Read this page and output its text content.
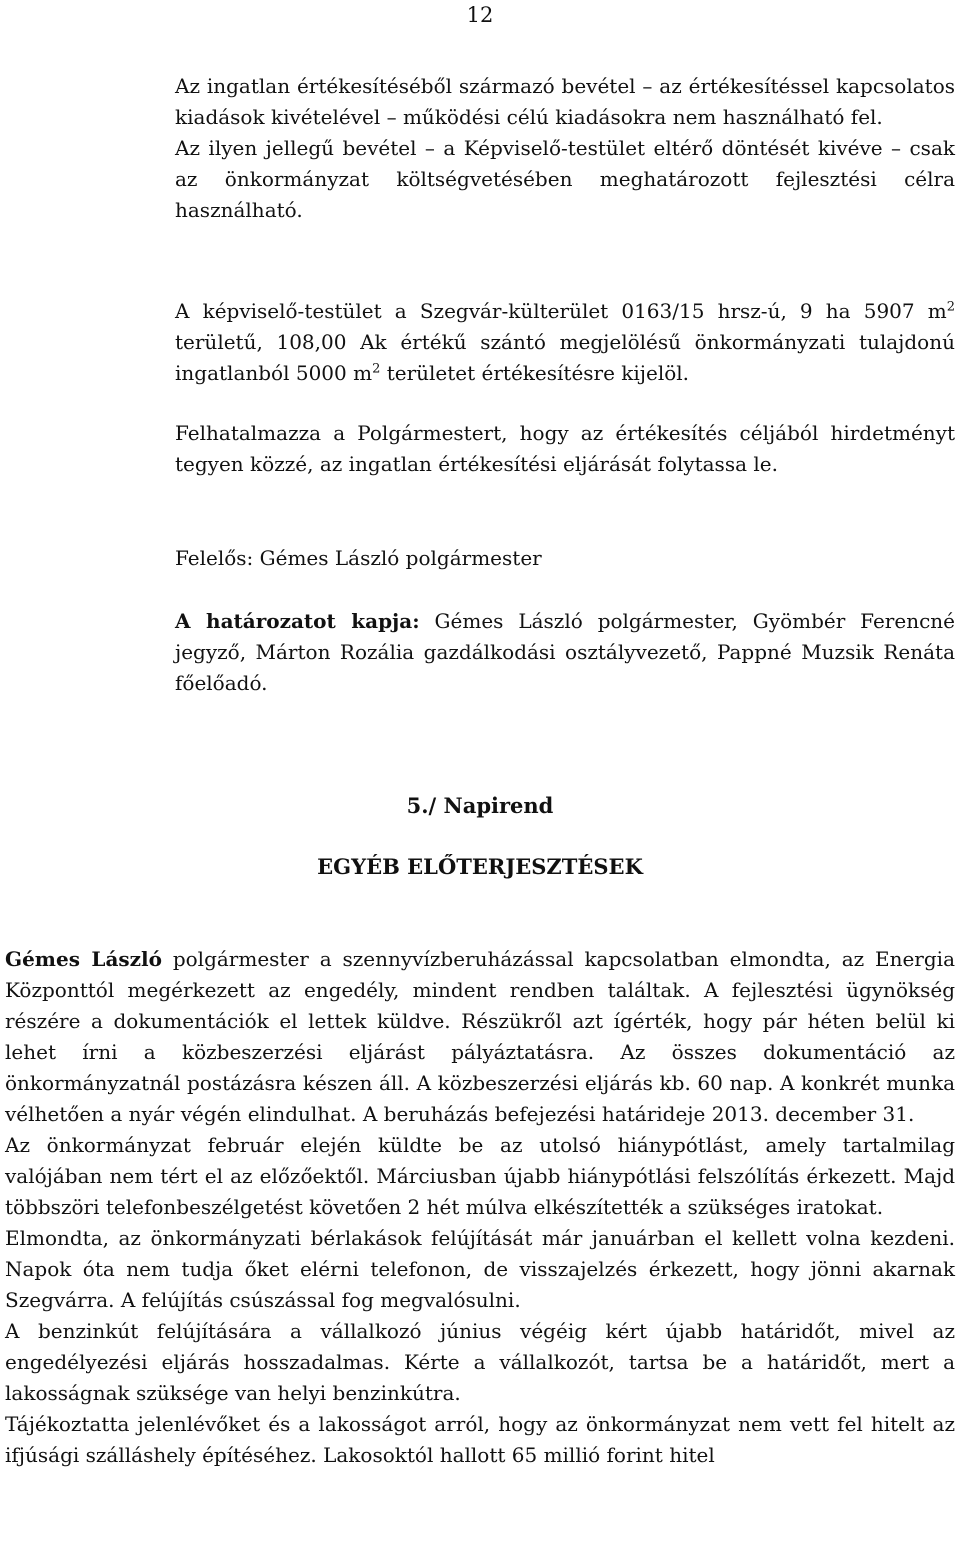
12

Az ingatlan értékesítéséből származó bevétel – az értékesítéssel kapcsolatos kiadások kivételével – működési célú kiadásokra nem használható fel.

Az ilyen jellegű bevétel – a Képviselő-testület eltérő döntését kivéve – csak az önkormányzat költségvetésében meghatározott fejlesztési célra használható.

A képviselő-testület a Szegvár-külterület 0163/15 hrsz-ú, 9 ha 5907 $m^2$ területű, 108,00 Ak értékű szántó megjelölésű önkormányzati tulajdonú ingatlanból 5000 $m^2$ területet értékesítésre kijelöl.

Felhatalmazza a Polgármestert, hogy az értékesítés céljából hirdetményt tegyen közzé, az ingatlan értékesítési eljárását folytassa le.

Felelős: Gémes László polgármester

A határozatot kapja: Gémes László polgármester, Gyömbér Ferencné jegyző, Márton Rozália gazdálkodási osztályvezető, Pappné Muzsik Renáta főelőadó.

5./ Napirend
EGYÉB ELŐTERJESZTÉSEK

Gémes László polgármester a szennyvízberuházással kapcsolatban elmondta, az Energia Központtól megérkezett az engedély, mindent rendben találtak. A fejlesztési ügynökség részére a dokumentációk el lettek küldve. Részükről azt ígérték, hogy pár héten belül ki lehet írni a közbeszerzési eljárást pályáztatásra. Az összes dokumentáció az önkormányzatnál postázásra készen áll. A közbeszerzési eljárás kb. 60 nap. A konkrét munka vélhetően a nyár végén elindulhat. A beruházás befejezési határideje 2013. december 31.

Az önkormányzat február elején küldte be az utolsó hiánypótlást, amely tartalmilag valójában nem tért el az előzőektől. Márciusban újabb hiánypótlási felszólítás érkezett. Majd többszöri telefonbeszélgetést követően 2 hét múlva elkészítették a szükséges iratokat.

Elmondta, az önkormányzati bérlakások felújítását már januárban el kellett volna kezdeni. Napok óta nem tudja őket elérni telefonon, de visszajelzés érkezett, hogy jönni akarnak Szegvárra. A felújítás csúszással fog megvalósulni.

A benzinkút felújítására a vállalkozó június végéig kért újabb határidőt, mivel az engedélyezési eljárás hosszadalmas. Kérte a vállalkozót, tartsa be a határidőt, mert a lakosságnak szüksége van helyi benzinkútra.

Tájékoztatta jelenlévőket és a lakosságot arról, hogy az önkormányzat nem vett fel hitelt az ifjúsági szálláshely építéséhez. Lakosoktól hallott 65 millió forint hitel
